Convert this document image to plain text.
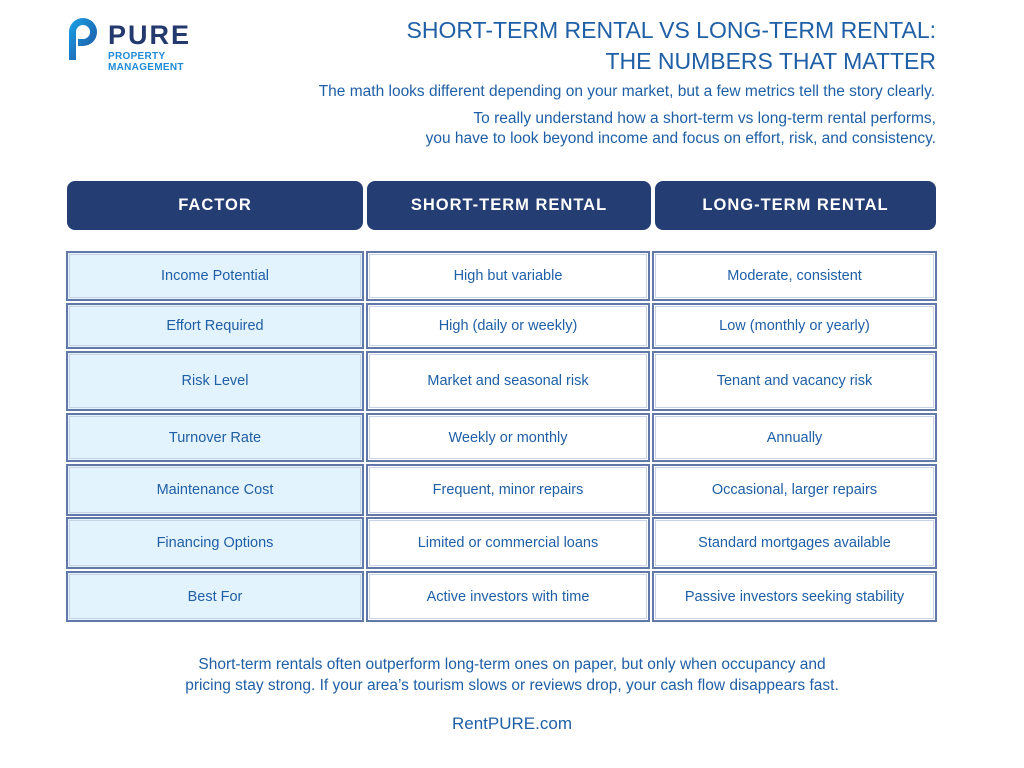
PURE
PROPERTY
MANAGEMENT
SHORT-TERM RENTAL VS LONG-TERM RENTAL:
THE NUMBERS THAT MATTER
The math looks different depending on your market, but a few metrics tell the story clearly.
To really understand how a short-term vs long-term rental performs,
you have to look beyond income and focus on effort, risk, and consistency.
FACTOR	SHORT-TERM RENTAL	LONG-TERM RENTAL
Income Potential	High but variable	Moderate, consistent
Effort Required	High (daily or weekly)	Low (monthly or yearly)
Risk Level	Market and seasonal risk	Tenant and vacancy risk
Turnover Rate	Weekly or monthly	Annually
Maintenance Cost	Frequent, minor repairs	Occasional, larger repairs
Financing Options	Limited or commercial loans	Standard mortgages available
Best For	Active investors with time	Passive investors seeking stability
Short-term rentals often outperform long-term ones on paper, but only when occupancy and
pricing stay strong. If your area’s tourism slows or reviews drop, your cash flow disappears fast.
RentPURE.com
